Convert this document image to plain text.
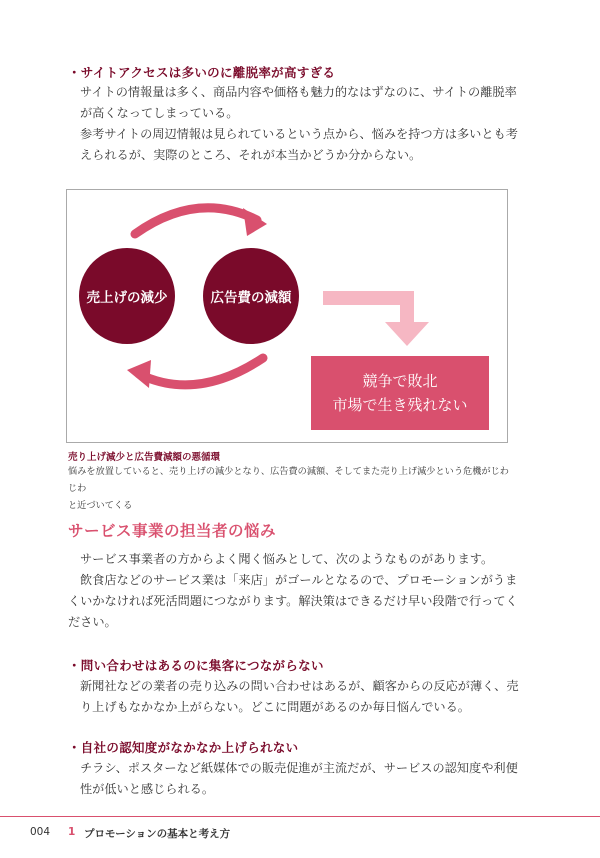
・サイトアクセスは多いのに離脱率が高すぎる
サイトの情報量は多く、商品内容や価格も魅力的なはずなのに、サイトの離脱率
が高くなってしまっている。
参考サイトの周辺情報は見られているという点から、悩みを持つ方は多いとも考
えられるが、実際のところ、それが本当かどうか分からない。
売上げの減少	広告費の減額
競争で敗北
市場で生き残れない
売り上げ減少と広告費減額の悪循環
悩みを放置していると、売り上げの減少となり、広告費の減額、そしてまた売り上げ減少という危機がじわじわ
と近づいてくる
サービス事業の担当者の悩み
サービス事業者の方からよく聞く悩みとして、次のようなものがあります。
飲食店などのサービス業は「来店」がゴールとなるので、プロモーションがうま
くいかなければ死活問題につながります。解決策はできるだけ早い段階で行ってく
ださい。
・問い合わせはあるのに集客につながらない
新聞社などの業者の売り込みの問い合わせはあるが、顧客からの反応が薄く、売
り上げもなかなか上がらない。どこに問題があるのか毎日悩んでいる。
・自社の認知度がなかなか上げられない
チラシ、ポスターなど紙媒体での販売促進が主流だが、サービスの認知度や利便
性が低いと感じられる。
004 1 プロモーションの基本と考え方
